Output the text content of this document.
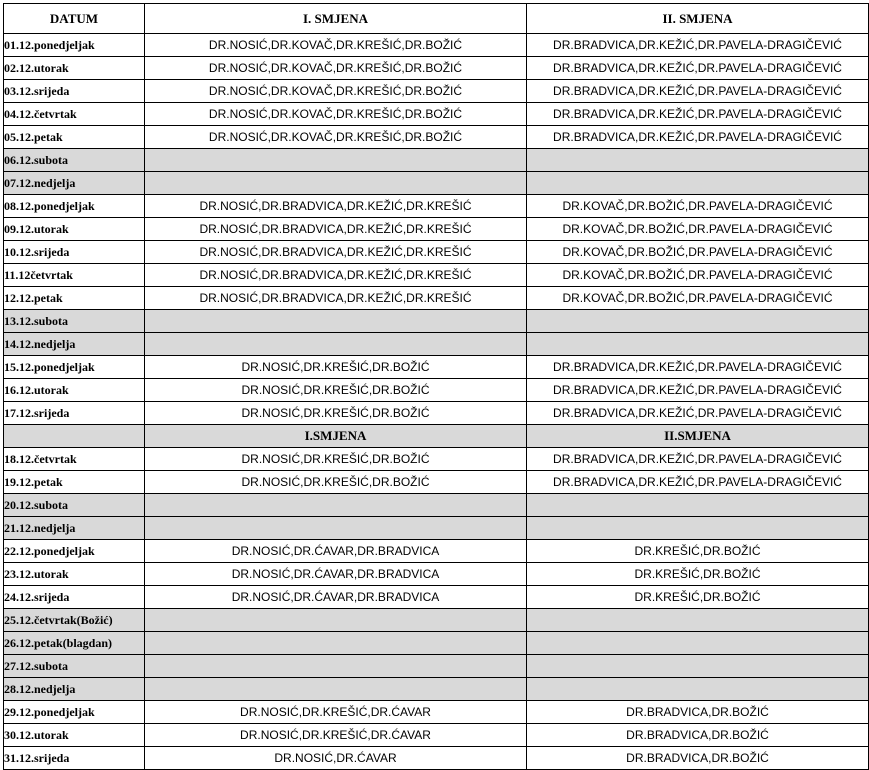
DATUM	I. SMJENA	II. SMJENA
01.12.ponedjeljak	DR.NOSIĆ,DR.KOVAČ,DR.KREŠIĆ,DR.BOŽIĆ	DR.BRADVICA,DR.KEŽIĆ,DR.PAVELA-DRAGIČEVIĆ
02.12.utorak	DR.NOSIĆ,DR.KOVAČ,DR.KREŠIĆ,DR.BOŽIĆ	DR.BRADVICA,DR.KEŽIĆ,DR.PAVELA-DRAGIČEVIĆ
03.12.srijeda	DR.NOSIĆ,DR.KOVAČ,DR.KREŠIĆ,DR.BOŽIĆ	DR.BRADVICA,DR.KEŽIĆ,DR.PAVELA-DRAGIČEVIĆ
04.12.četvrtak	DR.NOSIĆ,DR.KOVAČ,DR.KREŠIĆ,DR.BOŽIĆ	DR.BRADVICA,DR.KEŽIĆ,DR.PAVELA-DRAGIČEVIĆ
05.12.petak	DR.NOSIĆ,DR.KOVAČ,DR.KREŠIĆ,DR.BOŽIĆ	DR.BRADVICA,DR.KEŽIĆ,DR.PAVELA-DRAGIČEVIĆ
06.12.subota		
07.12.nedjelja		
08.12.ponedjeljak	DR.NOSIĆ,DR.BRADVICA,DR.KEŽIĆ,DR.KREŠIĆ	DR.KOVAČ,DR.BOŽIĆ,DR.PAVELA-DRAGIČEVIĆ
09.12.utorak	DR.NOSIĆ,DR.BRADVICA,DR.KEŽIĆ,DR.KREŠIĆ	DR.KOVAČ,DR.BOŽIĆ,DR.PAVELA-DRAGIČEVIĆ
10.12.srijeda	DR.NOSIĆ,DR.BRADVICA,DR.KEŽIĆ,DR.KREŠIĆ	DR.KOVAČ,DR.BOŽIĆ,DR.PAVELA-DRAGIČEVIĆ
11.12četvrtak	DR.NOSIĆ,DR.BRADVICA,DR.KEŽIĆ,DR.KREŠIĆ	DR.KOVAČ,DR.BOŽIĆ,DR.PAVELA-DRAGIČEVIĆ
12.12.petak	DR.NOSIĆ,DR.BRADVICA,DR.KEŽIĆ,DR.KREŠIĆ	DR.KOVAČ,DR.BOŽIĆ,DR.PAVELA-DRAGIČEVIĆ
13.12.subota		
14.12.nedjelja		
15.12.ponedjeljak	DR.NOSIĆ,DR.KREŠIĆ,DR.BOŽIĆ	DR.BRADVICA,DR.KEŽIĆ,DR.PAVELA-DRAGIČEVIĆ
16.12.utorak	DR.NOSIĆ,DR.KREŠIĆ,DR.BOŽIĆ	DR.BRADVICA,DR.KEŽIĆ,DR.PAVELA-DRAGIČEVIĆ
17.12.srijeda	DR.NOSIĆ,DR.KREŠIĆ,DR.BOŽIĆ	DR.BRADVICA,DR.KEŽIĆ,DR.PAVELA-DRAGIČEVIĆ
	I.SMJENA	II.SMJENA
18.12.četvrtak	DR.NOSIĆ,DR.KREŠIĆ,DR.BOŽIĆ	DR.BRADVICA,DR.KEŽIĆ,DR.PAVELA-DRAGIČEVIĆ
19.12.petak	DR.NOSIĆ,DR.KREŠIĆ,DR.BOŽIĆ	DR.BRADVICA,DR.KEŽIĆ,DR.PAVELA-DRAGIČEVIĆ
20.12.subota		
21.12.nedjelja		
22.12.ponedjeljak	DR.NOSIĆ,DR.ĆAVAR,DR.BRADVICA	DR.KREŠIĆ,DR.BOŽIĆ
23.12.utorak	DR.NOSIĆ,DR.ĆAVAR,DR.BRADVICA	DR.KREŠIĆ,DR.BOŽIĆ
24.12.srijeda	DR.NOSIĆ,DR.ĆAVAR,DR.BRADVICA	DR.KREŠIĆ,DR.BOŽIĆ
25.12.četvrtak(Božić)		
26.12.petak(blagdan)		
27.12.subota		
28.12.nedjelja		
29.12.ponedjeljak	DR.NOSIĆ,DR.KREŠIĆ,DR.ĆAVAR	DR.BRADVICA,DR.BOŽIĆ
30.12.utorak	DR.NOSIĆ,DR.KREŠIĆ,DR.ĆAVAR	DR.BRADVICA,DR.BOŽIĆ
31.12.srijeda	DR.NOSIĆ,DR.ĆAVAR	DR.BRADVICA,DR.BOŽIĆ
